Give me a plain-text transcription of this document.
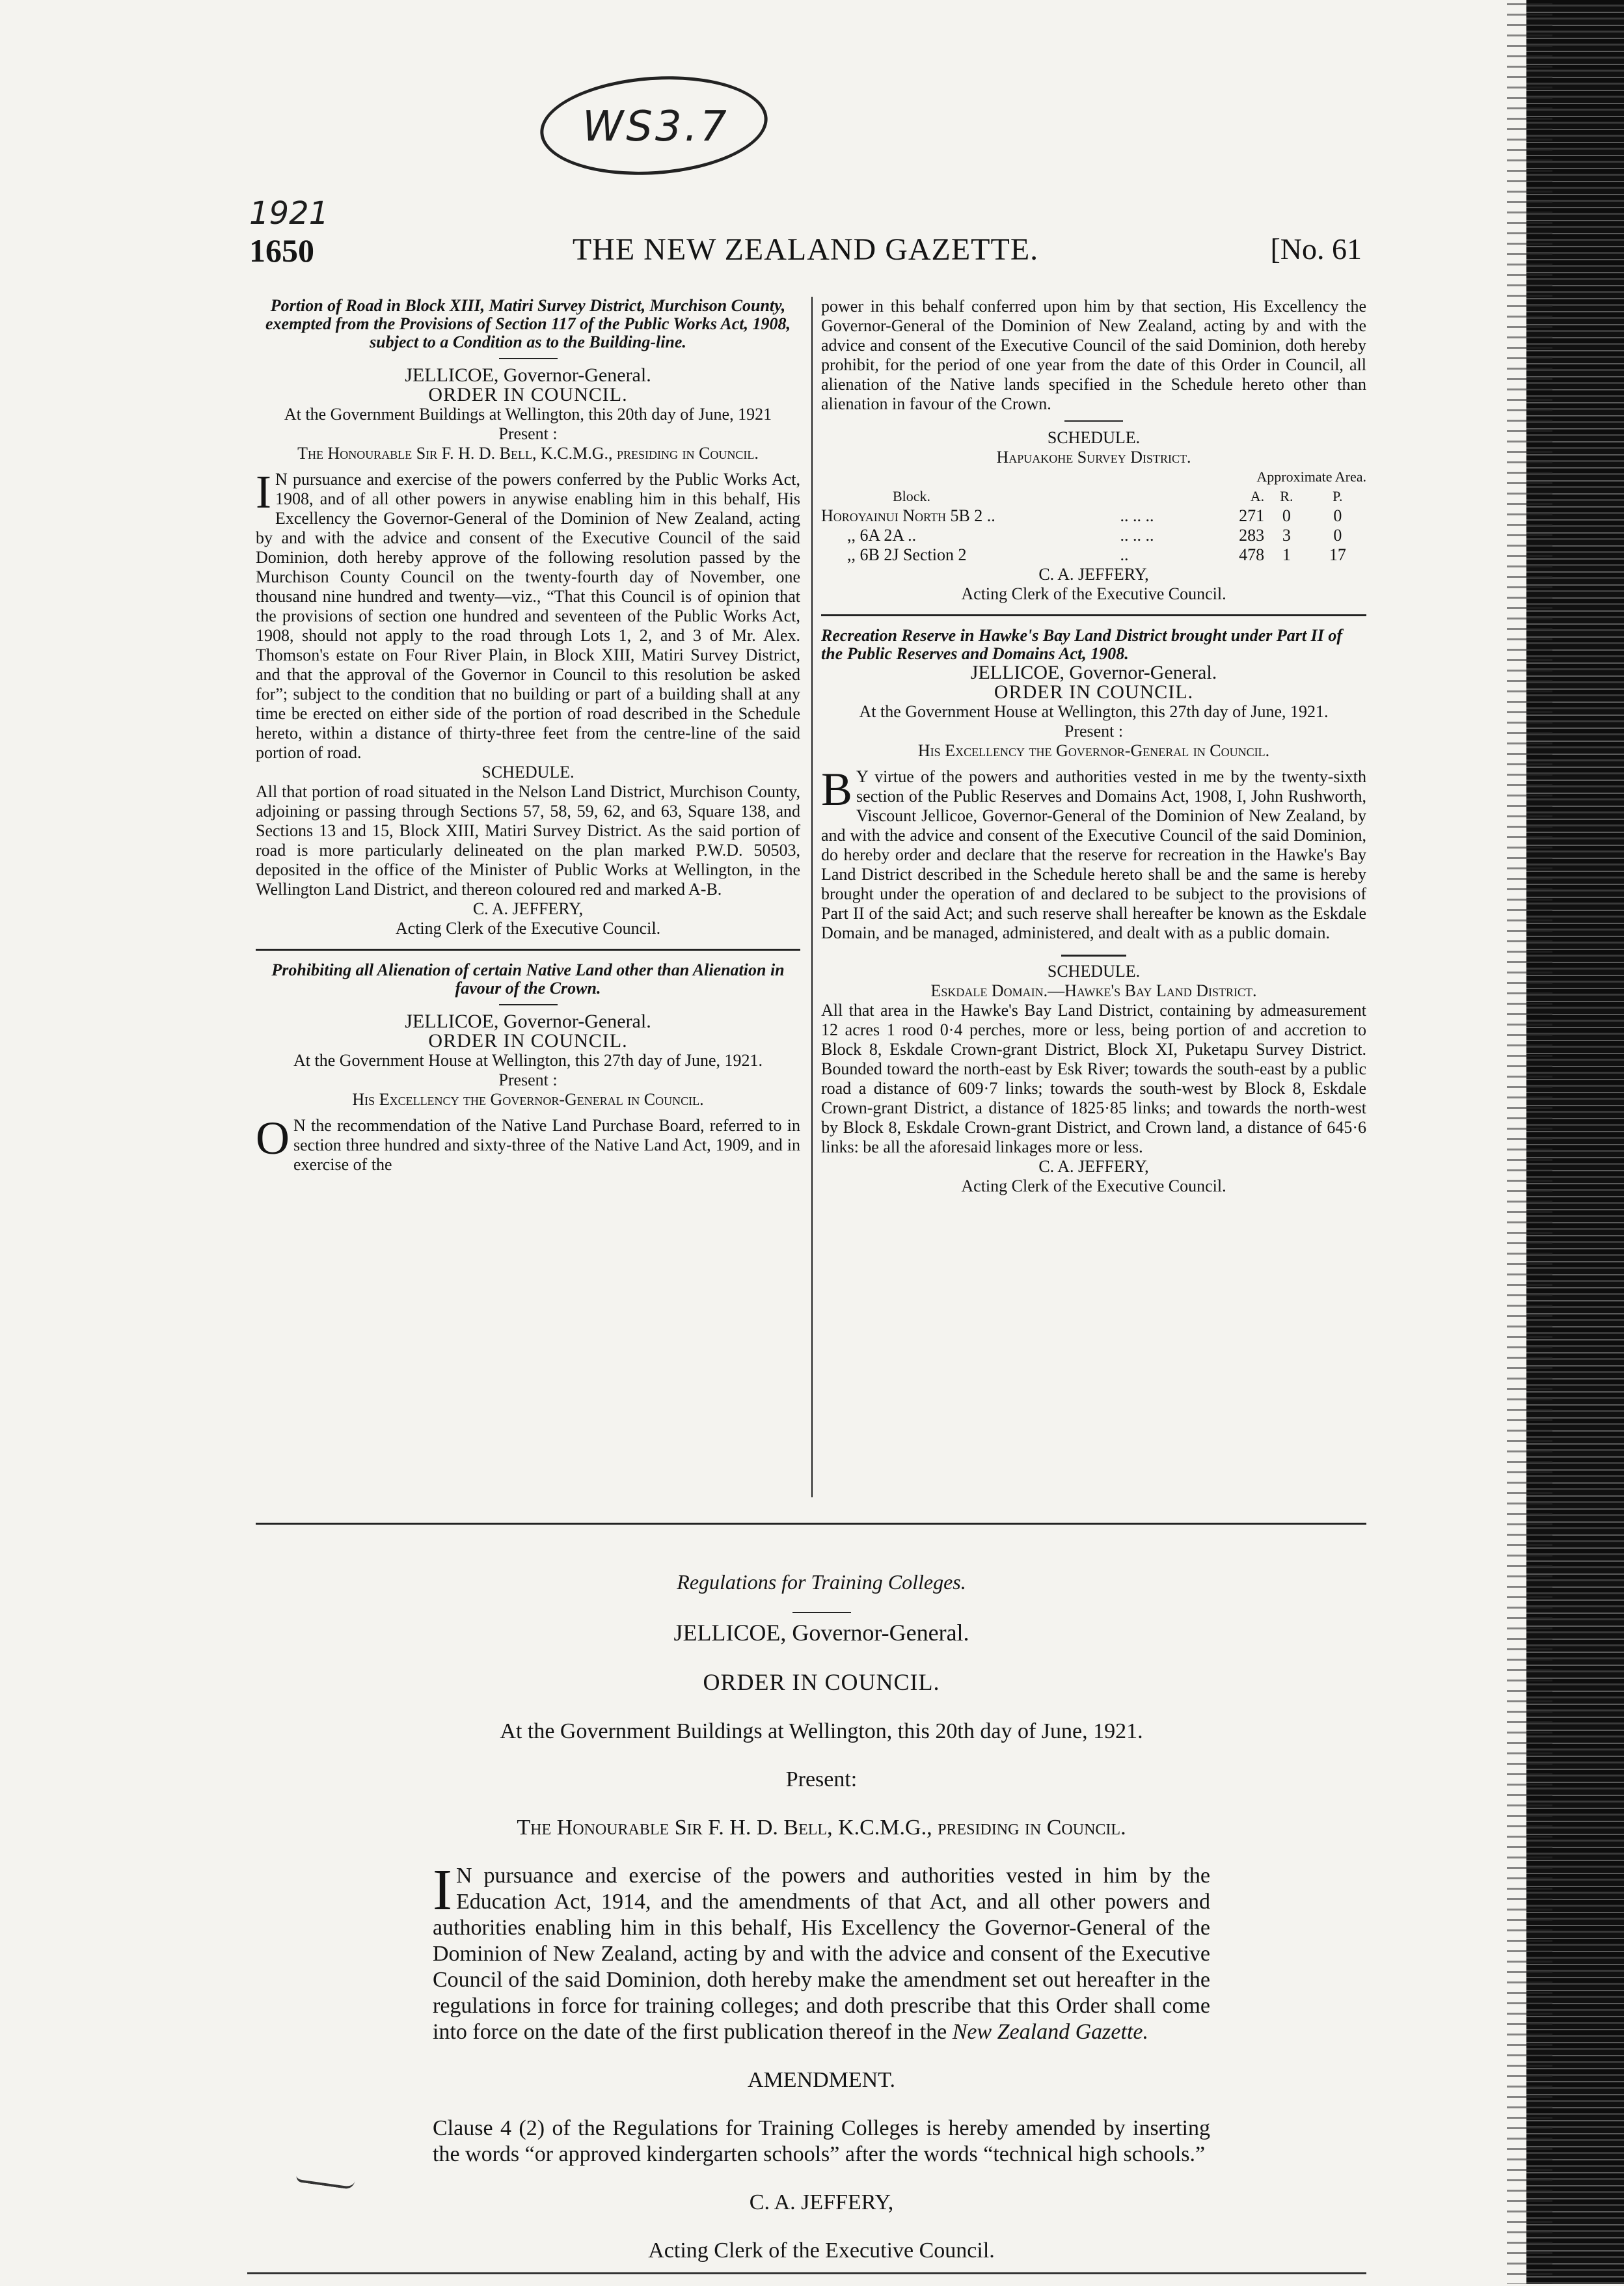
WS3.7
1921
THE NEW ZEALAND GAZETTE.
1650	[No. 61

Portion of Road in Block XIII, Matiri Survey District, Murchison County, exempted from the Provisions of Section 117 of the Public Works Act, 1908, subject to a Condition as to the Building-line.

JELLICOE, Governor-General.

ORDER IN COUNCIL.

At the Government Buildings at Wellington, this 20th day of June, 1921

Present :

The Honourable Sir F. H. D. Bell, K.C.M.G., presiding in Council.

I N pursuance and exercise of the powers conferred by the Public Works Act, 1908, and of all other powers in anywise enabling him in this behalf, His Excellency the Governor-General of the Dominion of New Zealand, acting by and with the advice and consent of the Executive Council of the said Dominion, doth hereby approve of the following resolution passed by the Murchison County Council on the twenty-fourth day of November, one thousand nine hundred and twenty—viz., “That this Council is of opinion that the provisions of section one hundred and seventeen of the Public Works Act, 1908, should not apply to the road through Lots 1, 2, and 3 of Mr. Alex. Thomson's estate on Four River Plain, in Block XIII, Matiri Survey District, and that the approval of the Governor in Council to this resolution be asked for”; subject to the condition that no building or part of a building shall at any time be erected on either side of the portion of road described in the Schedule hereto, within a distance of thirty-three feet from the centre-line of the said portion of road.

SCHEDULE.

All that portion of road situated in the Nelson Land District, Murchison County, adjoining or passing through Sections 57, 58, 59, 62, and 63, Square 138, and Sections 13 and 15, Block XIII, Matiri Survey District. As the said portion of road is more particularly delineated on the plan marked P.W.D. 50503, deposited in the office of the Minister of Public Works at Wellington, in the Wellington Land District, and thereon coloured red and marked A-B.

C. A. JEFFERY,

Acting Clerk of the Executive Council.

Prohibiting all Alienation of certain Native Land other than Alienation in favour of the Crown.

JELLICOE, Governor-General.

ORDER IN COUNCIL.

At the Government House at Wellington, this 27th day of June, 1921.

Present :

His Excellency the Governor-General in Council.

O N the recommendation of the Native Land Purchase Board, referred to in section three hundred and sixty-three of the Native Land Act, 1909, and in exercise of the

power in this behalf conferred upon him by that section, His Excellency the Governor-General of the Dominion of New Zealand, acting by and with the advice and consent of the Executive Council of the said Dominion, doth hereby prohibit, for the period of one year from the date of this Order in Council, all alienation of the Native lands specified in the Schedule hereto other than alienation in favour of the Crown.

SCHEDULE.

Hapuakohe Survey District.

		Approximate Area.		
Block.		A.	R.	P.
Horoyainui North 5B 2 ..	.. .. ..	271	0	0
,, 6A 2A ..	.. .. ..	283	3	0
,, 6B 2J Section 2	..	478	1	17

C. A. JEFFERY,

Acting Clerk of the Executive Council.

Recreation Reserve in Hawke's Bay Land District brought under Part II of the Public Reserves and Domains Act, 1908.

JELLICOE, Governor-General.

ORDER IN COUNCIL.

At the Government House at Wellington, this 27th day of June, 1921.

Present :

His Excellency the Governor-General in Council.

B Y virtue of the powers and authorities vested in me by the twenty-sixth section of the Public Reserves and Domains Act, 1908, I, John Rushworth, Viscount Jellicoe, Governor-General of the Dominion of New Zealand, by and with the advice and consent of the Executive Council of the said Dominion, do hereby order and declare that the reserve for recreation in the Hawke's Bay Land District described in the Schedule hereto shall be and the same is hereby brought under the operation of and declared to be subject to the provisions of Part II of the said Act; and such reserve shall hereafter be known as the Eskdale Domain, and be managed, administered, and dealt with as a public domain.

SCHEDULE.

Eskdale Domain.—Hawke's Bay Land District.

All that area in the Hawke's Bay Land District, containing by admeasurement 12 acres 1 rood 0·4 perches, more or less, being portion of and accretion to Block 8, Eskdale Crown-grant District, Block XI, Puketapu Survey District. Bounded toward the north-east by Esk River; towards the south-east by a public road a distance of 609·7 links; towards the south-west by Block 8, Eskdale Crown-grant District, a distance of 1825·85 links; and towards the north-west by Block 8, Eskdale Crown-grant District, and Crown land, a distance of 645·6 links: be all the aforesaid linkages more or less.

C. A. JEFFERY,

Acting Clerk of the Executive Council.

Regulations for Training Colleges.

JELLICOE, Governor-General.

ORDER IN COUNCIL.

At the Government Buildings at Wellington, this 20th day of June, 1921.

Present:

The Honourable Sir F. H. D. Bell, K.C.M.G., presiding in Council.

I N pursuance and exercise of the powers and authorities vested in him by the Education Act, 1914, and the amendments of that Act, and all other powers and authorities enabling him in this behalf, His Excellency the Governor-General of the Dominion of New Zealand, acting by and with the advice and consent of the Executive Council of the said Dominion, doth hereby make the amendment set out hereafter in the regulations in force for training colleges; and doth prescribe that this Order shall come into force on the date of the first publication thereof in the New Zealand Gazette.

AMENDMENT.

Clause 4 (2) of the Regulations for Training Colleges is hereby amended by inserting the words “or approved kindergarten schools” after the words “technical high schools.”

C. A. JEFFERY,

Acting Clerk of the Executive Council.
